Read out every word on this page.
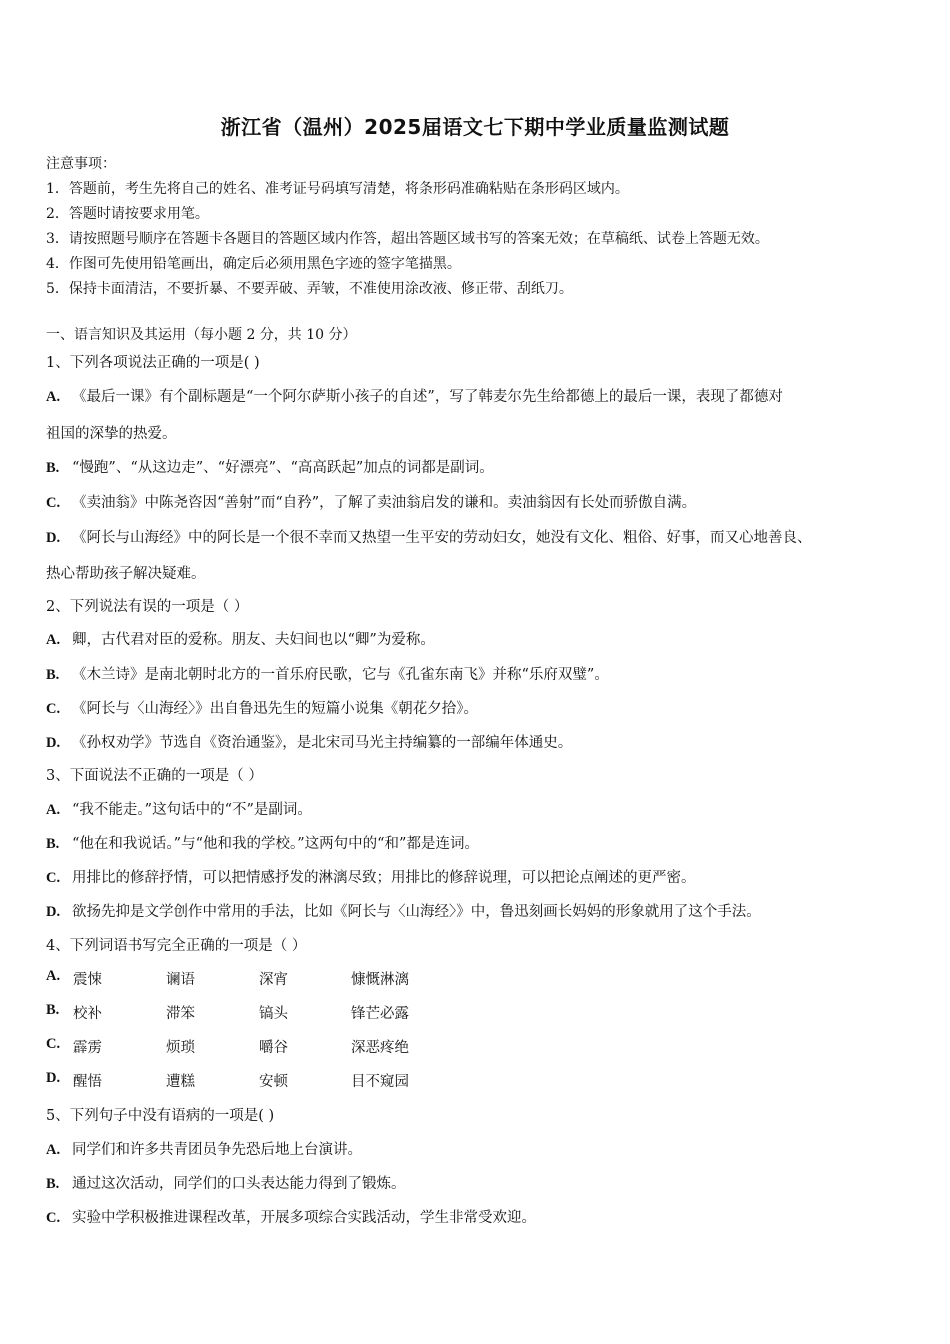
浙江省（温州）2025届语文七下期中学业质量监测试题
注意事项：
1．答题前，考生先将自己的姓名、准考证号码填写清楚，将条形码准确粘贴在条形码区域内。
2．答题时请按要求用笔。
3．请按照题号顺序在答题卡各题目的答题区域内作答，超出答题区域书写的答案无效；在草稿纸、试卷上答题无效。
4．作图可先使用铅笔画出，确定后必须用黑色字迹的签字笔描黑。
5．保持卡面清洁，不要折暴、不要弄破、弄皱，不准使用涂改液、修正带、刮纸刀。
一、语言知识及其运用（每小题 2 分，共 10 分）
1、下列各项说法正确的一项是( )
A. 《最后一课》有个副标题是“一个阿尔萨斯小孩子的自述”，写了韩麦尔先生给都德上的最后一课，表现了都德对
祖国的深挚的热爱。
B. “慢跑”、“从这边走”、“好漂亮”、“高高跃起”加点的词都是副词。
C. 《卖油翁》中陈尧咨因“善射”而“自矜”，了解了卖油翁启发的谦和。卖油翁因有长处而骄傲自满。
D. 《阿长与山海经》中的阿长是一个很不幸而又热望一生平安的劳动妇女，她没有文化、粗俗、好事，而又心地善良、
热心帮助孩子解决疑难。
2、下列说法有误的一项是（ ）
A. 卿，古代君对臣的爱称。朋友、夫妇间也以“卿”为爱称。
B. 《木兰诗》是南北朝时北方的一首乐府民歌，它与《孔雀东南飞》并称“乐府双璧”。
C. 《阿长与〈山海经〉》出自鲁迅先生的短篇小说集《朝花夕拾》。
D. 《孙权劝学》节选自《资治通鉴》，是北宋司马光主持编纂的一部编年体通史。
3、下面说法不正确的一项是（ ）
A. “我不能走。”这句话中的“不”是副词。
B. “他在和我说话。”与“他和我的学校。”这两句中的“和”都是连词。
C. 用排比的修辞抒情，可以把情感抒发的淋漓尽致；用排比的修辞说理，可以把论点阐述的更严密。
D. 欲扬先抑是文学创作中常用的手法，比如《阿长与〈山海经〉》中，鲁迅刻画长妈妈的形象就用了这个手法。
4、下列词语书写完全正确的一项是（ ）
A. 震悚	谰语	深宵	慷慨淋漓
B. 校补	滞笨	镐头	锋芒必露
C. 霹雳	烦琐	嚼谷	深恶疼绝
D. 醒悟	遭糕	安顿	目不窥园
5、下列句子中没有语病的一项是( )
A. 同学们和许多共青团员争先恐后地上台演讲。
B. 通过这次活动，同学们的口头表达能力得到了锻炼。
C. 实验中学积极推进课程改革，开展多项综合实践活动，学生非常受欢迎。
